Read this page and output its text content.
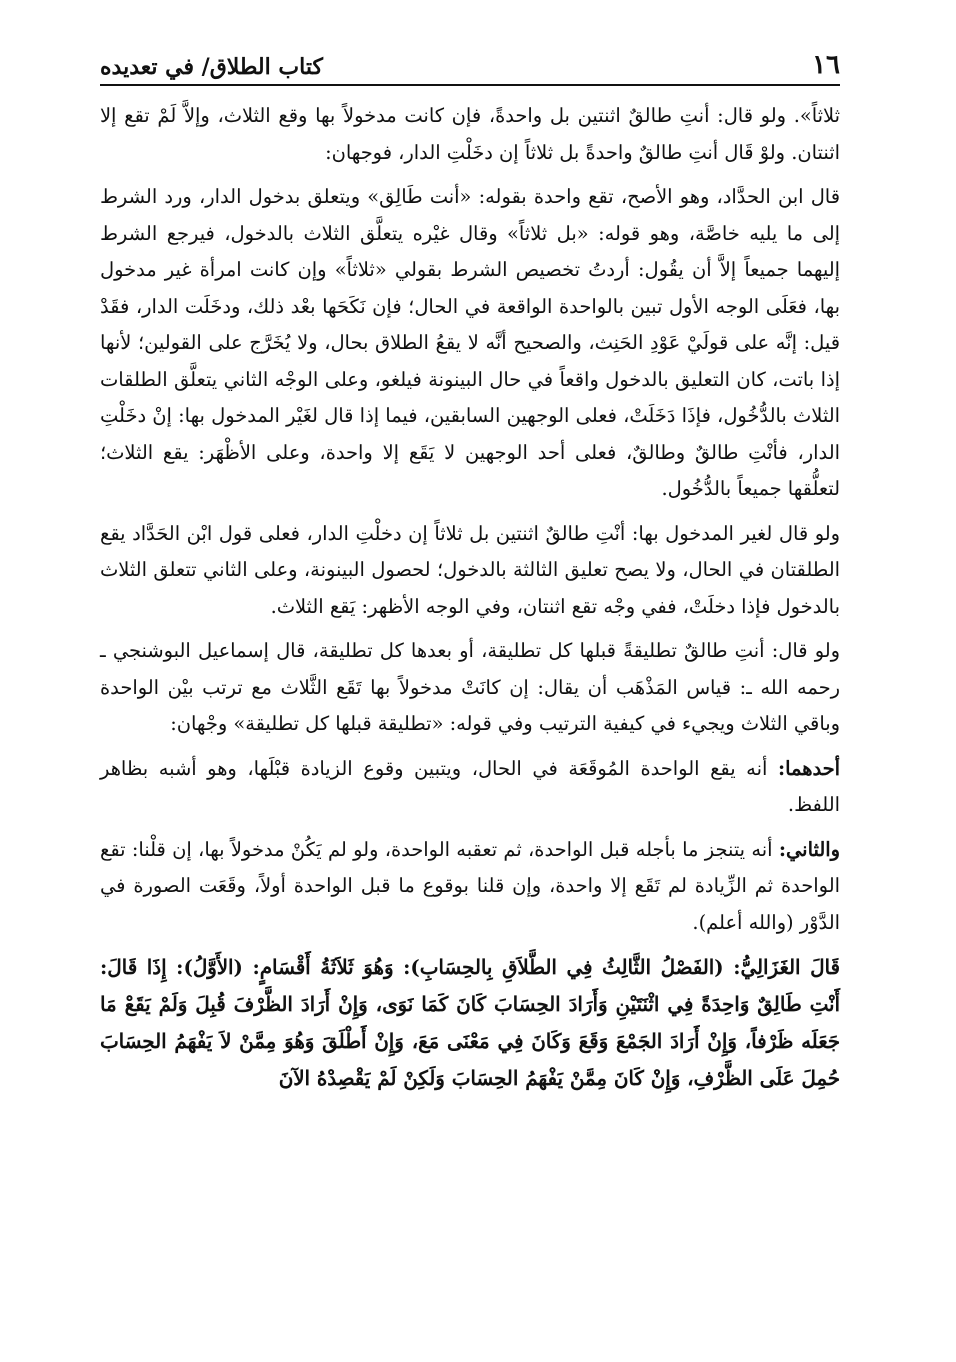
١٦
كتاب الطلاق/ في تعديده

ثلاثاً». ولو قال: أنتِ طالقٌ اثنتين بل واحدةً، فإن كانت مدخولاً بها وقع الثلاث، وإلاَّ لَمْ تقع إلا اثنتان. ولوْ قَال أنتِ طالقٌ واحدةً بل ثلاثاً إن دخَلْتِ الدار، فوجهان:

قال ابن الحدَّاد، وهو الأصح، تقع واحدة بقوله: «أنت طَالِق» ويتعلق بدخول الدار، ورد الشرط إلى ما يليه خاصَّة، وهو قوله: «بل ثلاثاً» وقال غيْره يتعلَّق الثلاث بالدخول، فيرجع الشرط إليهما جميعاً إلاَّ أن يقُول: أردتُ تخصيص الشرط بقولي «ثلاثاً» وإن كانت امرأة غير مدخول بها، فعَلَى الوجه الأول تبين بالواحدة الواقعة في الحال؛ فإن نَكَحَها بعْد ذلك، ودخَلَت الدار، فقَدْ قيل: إنَّه على قولَيْ عَوْدِ الحَنِث، والصحيح أنَّه لا يقعُ الطلاق بحال، ولا يُخَرَّج على القولين؛ لأنها إذا باتت، كان التعليق بالدخول واقعاً في حال البينونة فيلغو، وعلى الوجْه الثاني يتعلَّق الطلقات الثلاث بالدُّخُول، فإذَا دَخَلَتْ، فعلى الوجهين السابقين، فيما إذا قال لغَيْر المدخول بها: إنْ دخَلْتِ الدار، فأنْتِ طالقٌ وطالقٌ، فعلى أحد الوجهين لا يَقَع إلا واحدة، وعلى الأظْهَر: يقع الثلاث؛ لتعلُّقها جميعاً بالدُّخُول.

ولو قال لغير المدخول بها: أنْتِ طالقٌ اثنتين بل ثلاثاً إن دخلْتِ الدار، فعلى قول ابْن الحَدَّاد يقع الطلقتان في الحال، ولا يصح تعليق الثالثة بالدخول؛ لحصول البينونة، وعلى الثاني تتعلق الثلاث بالدخول فإذا دخلَتْ، ففي وجْه تقع اثنتان، وفي الوجه الأظهر: يَقع الثلاث.

ولو قال: أنتِ طالقٌ تطليقةً قبلها كل تطليقة، أو بعدها كل تطليقة، قال إسماعيل البوشنجي ـ رحمه الله ـ: قياس المَذْهَب أن يقال: إن كانَتْ مدخولاً بها تَقَع الثَّلاث مع ترتب بيْن الواحدة وباقي الثلاث ويجيء في كيفية الترتيب وفي قوله: «تطليقة قبلها كل تطليقة» وجْهان:

أحدهما: أنه يقع الواحدة المُوقَعَة في الحال، ويتبين وقوع الزيادة قبْلَها، وهو أشبه بظاهر اللفظ.

والثاني: أنه يتنجز ما بأجله قبل الواحدة، ثم تعقبه الواحدة، ولو لم يَكُنْ مدخولاً بها، إن قلْنا: تقع الواحدة ثم الزِّيادة لم تَقَع إلا واحدة، وإن قلنا بوقوع ما قبل الواحدة أولاً، وقَعَت الصورة في الدَّوْر (والله أعلم).

قَالَ الغَزَالِيُّ: (الفَصْلُ الثَّالِثُ فِي الطَّلاَقِ بِالحِسَابِ): وَهُوَ ثَلاَثَةُ أَقْسَامٍ: (الأَوَّلُ): إِذَا قَالَ: أَنْتِ طَالِقٌ وَاحِدَةً فِي اثْنَتَيْنِ وَأَرَادَ الحِسَابَ كَانَ كَمَا نَوَى، وَإِنْ أَرَادَ الظَّرْفَ قُبِلَ وَلَمْ يَقَعْ مَا جَعَلَه ظَرْفاً، وَإِنْ أَرَادَ الجَمْعَ وَقَعَ وَكَانَ فِي مَعْنَى مَعَ، وَإِنْ أَطْلَقَ وَهُوَ مِمَّنْ لاَ يَفْهَمُ الحِسَابَ حُمِلَ عَلَى الظَّرْفِ، وَإِنْ كَانَ مِمَّنْ يَفْهَمُ الحِسَابَ وَلَكِنْ لَمْ يَقْصِدْهُ الآنَ
